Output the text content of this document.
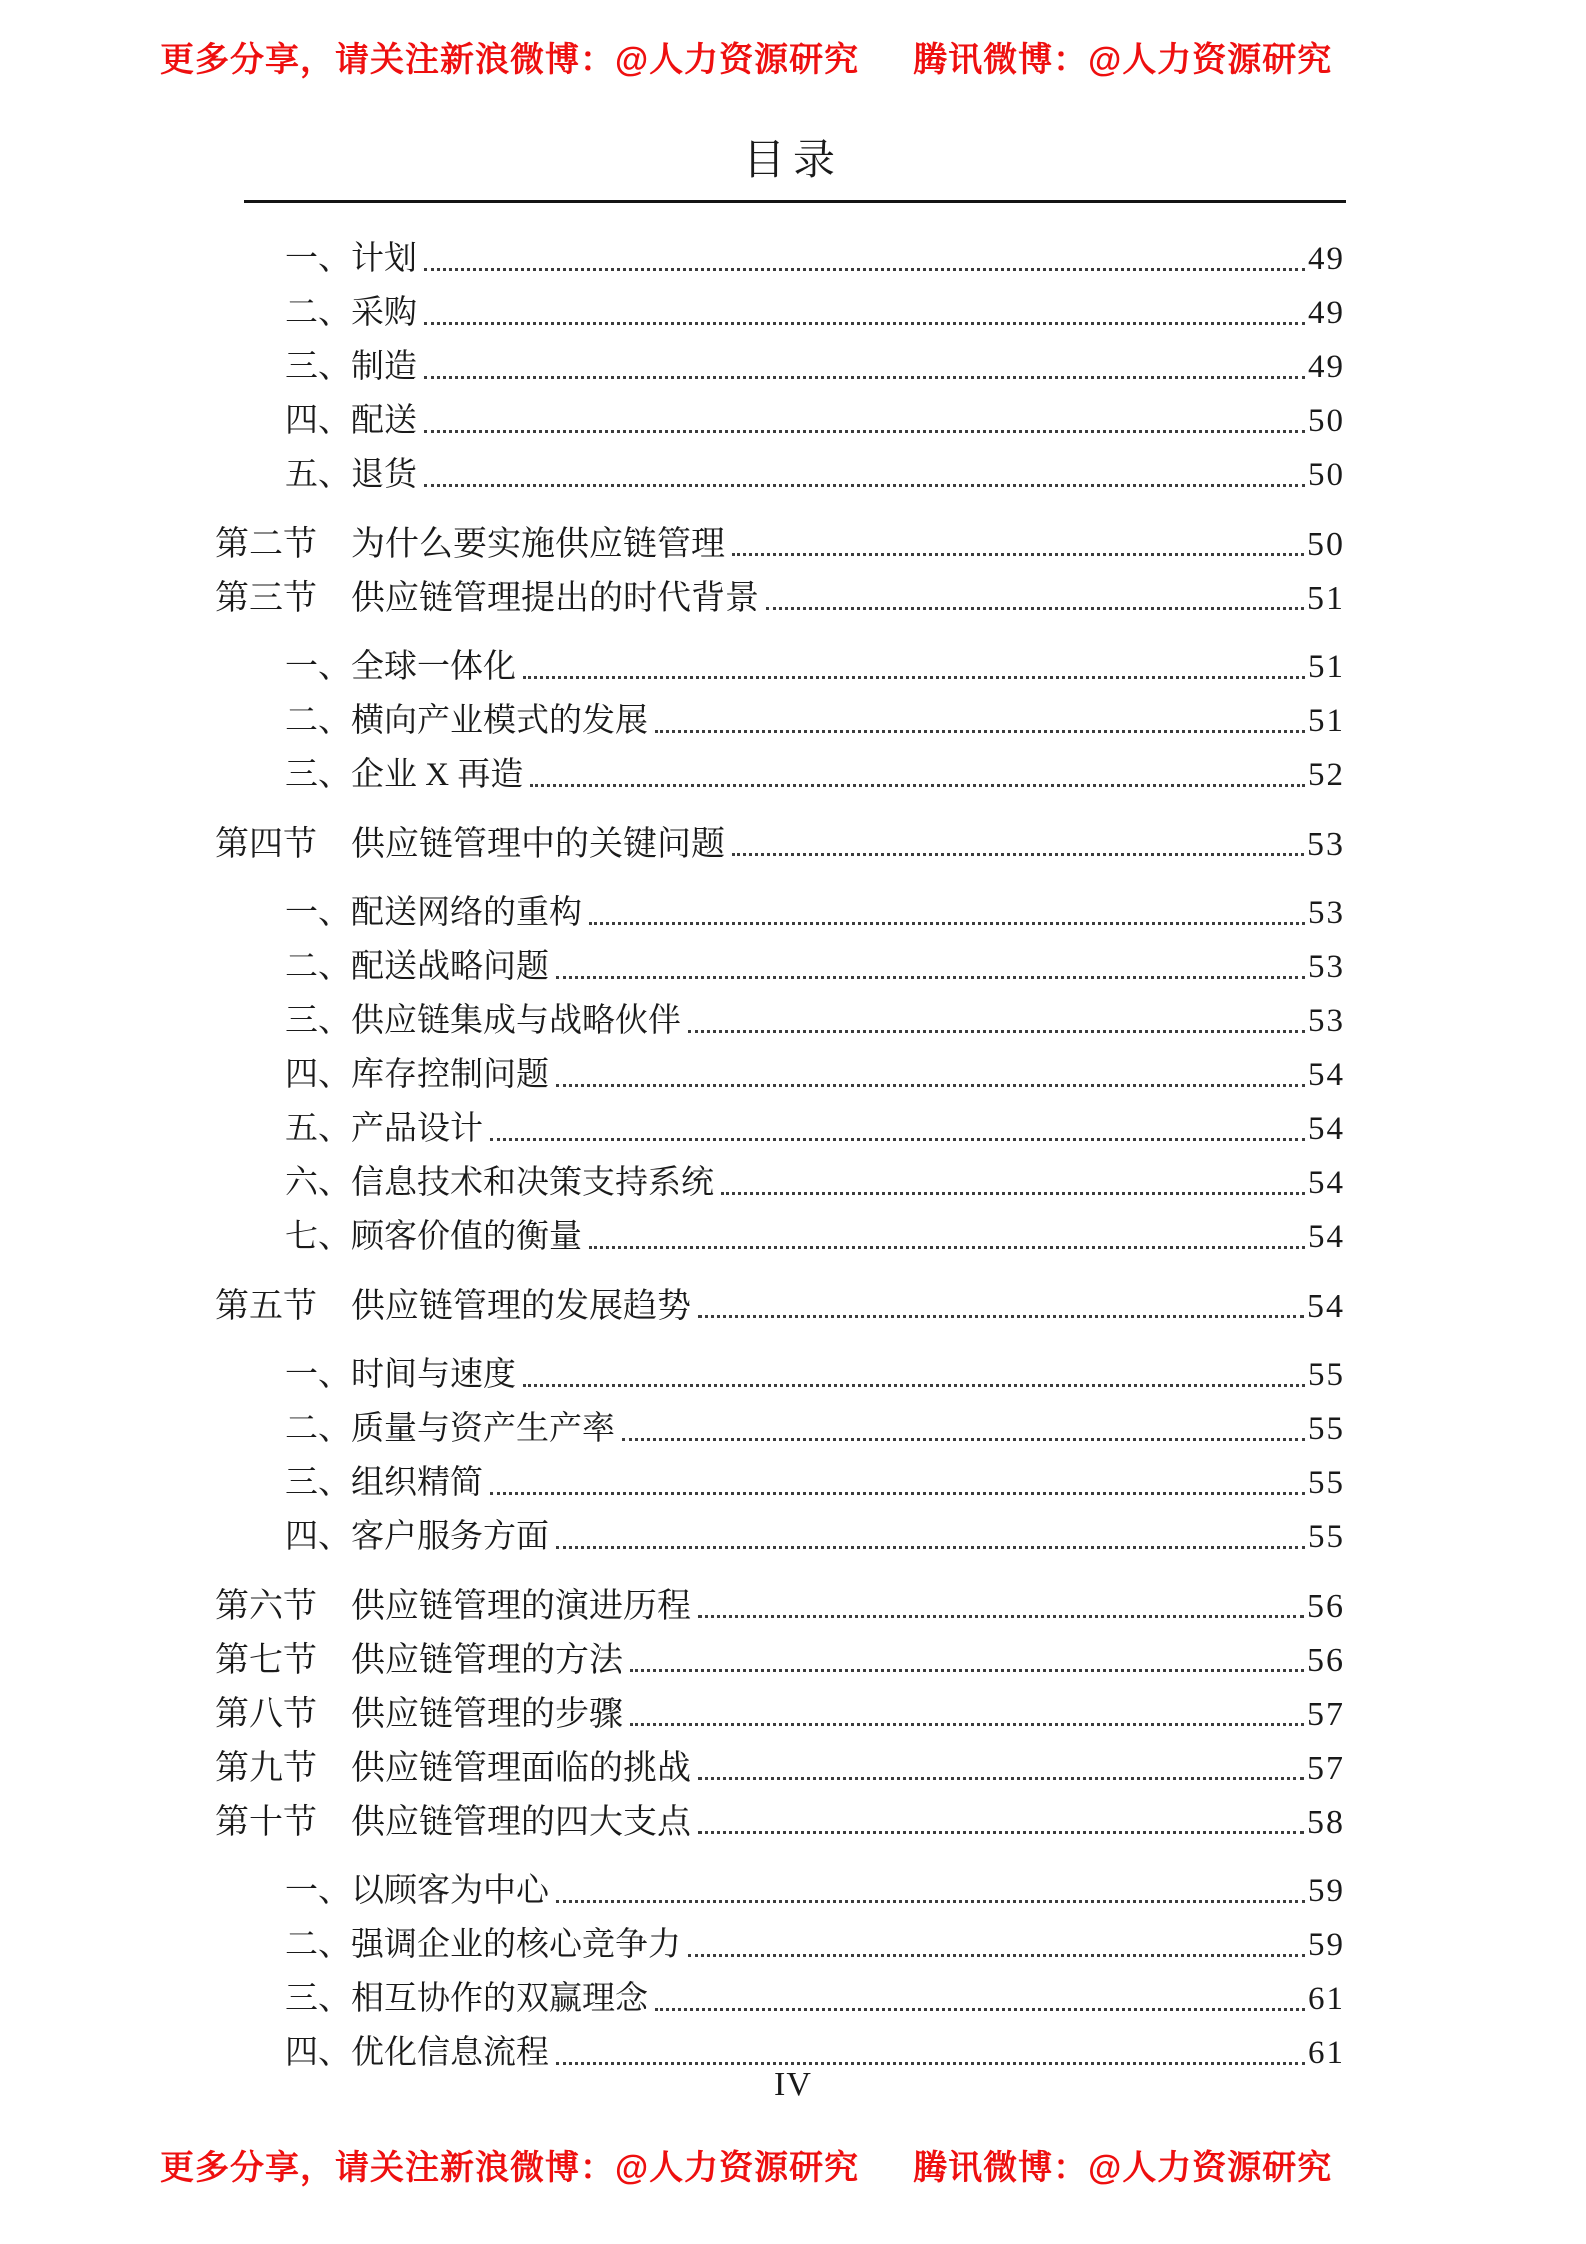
更多分享，请关注新浪微博：@人力资源研究 腾讯微博：@人力资源研究
目录
一、计划	49
二、采购	49
三、制造	49
四、配送	50
五、退货	50
第二节　为什么要实施供应链管理	50
第三节　供应链管理提出的时代背景	51
一、全球一体化	51
二、横向产业模式的发展	51
三、企业 X 再造	52
第四节　供应链管理中的关键问题	53
一、配送网络的重构	53
二、配送战略问题	53
三、供应链集成与战略伙伴	53
四、库存控制问题	54
五、产品设计	54
六、信息技术和决策支持系统	54
七、顾客价值的衡量	54
第五节　供应链管理的发展趋势	54
一、时间与速度	55
二、质量与资产生产率	55
三、组织精简	55
四、客户服务方面	55
第六节　供应链管理的演进历程	56
第七节　供应链管理的方法	56
第八节　供应链管理的步骤	57
第九节　供应链管理面临的挑战	57
第十节　供应链管理的四大支点	58
一、以顾客为中心	59
二、强调企业的核心竞争力	59
三、相互协作的双赢理念	61
四、优化信息流程	61
IV
更多分享，请关注新浪微博：@人力资源研究 腾讯微博：@人力资源研究
